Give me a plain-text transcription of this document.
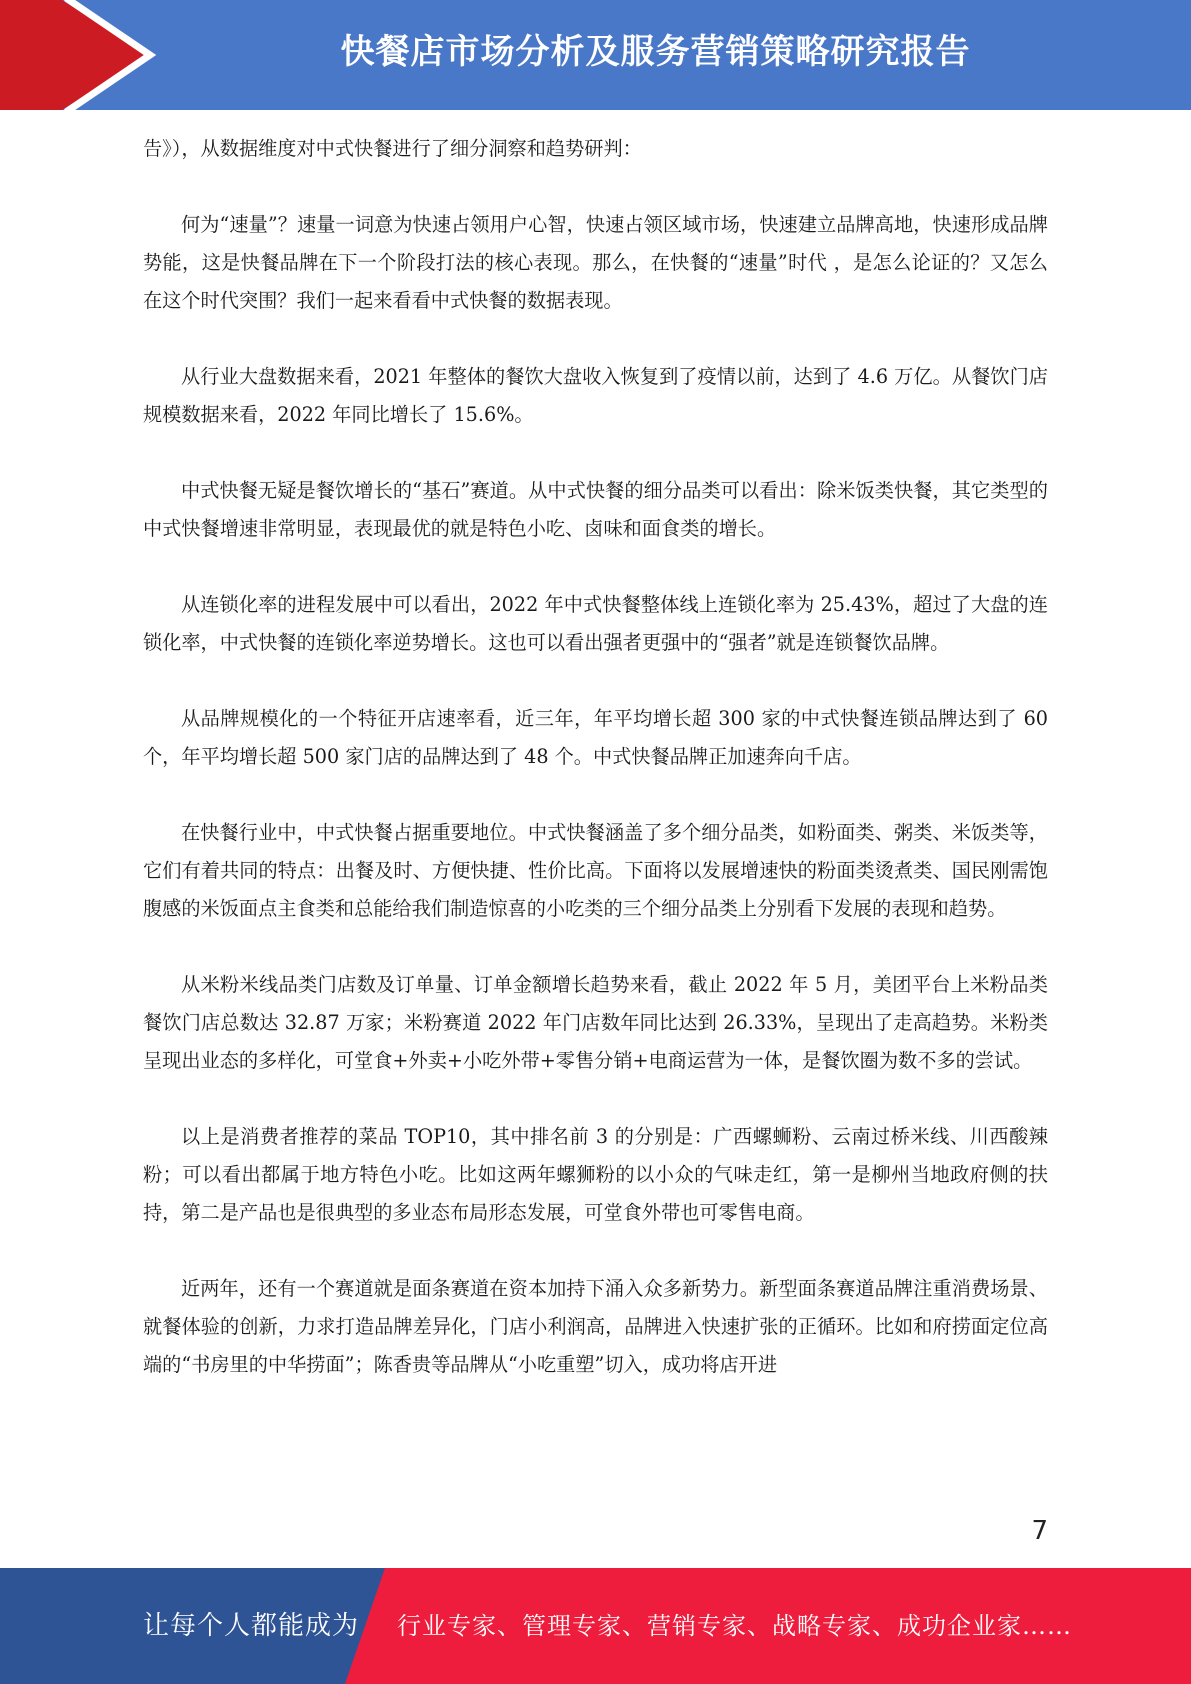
快餐店市场分析及服务营销策略研究报告

告》），从数据维度对中式快餐进行了细分洞察和趋势研判：

何为“速量”？速量一词意为快速占领用户心智，快速占领区域市场，快速建立品牌高地，快速形成品牌势能，这是快餐品牌在下一个阶段打法的核心表现。那么，在快餐的“速量”时代 ，是怎么论证的？又怎么在这个时代突围？我们一起来看看中式快餐的数据表现。

从行业大盘数据来看，2021 年整体的餐饮大盘收入恢复到了疫情以前，达到了 4.6 万亿。从餐饮门店规模数据来看，2022 年同比增长了 15.6%。

中式快餐无疑是餐饮增长的“基石”赛道。从中式快餐的细分品类可以看出：除米饭类快餐，其它类型的中式快餐增速非常明显，表现最优的就是特色小吃、卤味和面食类的增长。

从连锁化率的进程发展中可以看出，2022 年中式快餐整体线上连锁化率为 25.43%，超过了大盘的连锁化率，中式快餐的连锁化率逆势增长。这也可以看出强者更强中的“强者”就是连锁餐饮品牌。

从品牌规模化的一个特征开店速率看，近三年，年平均增长超 300 家的中式快餐连锁品牌达到了 60 个，年平均增长超 500 家门店的品牌达到了 48 个。中式快餐品牌正加速奔向千店。

在快餐行业中，中式快餐占据重要地位。中式快餐涵盖了多个细分品类，如粉面类、粥类、米饭类等，它们有着共同的特点：出餐及时、方便快捷、性价比高。下面将以发展增速快的粉面类烫煮类、国民刚需饱腹感的米饭面点主食类和总能给我们制造惊喜的小吃类的三个细分品类上分别看下发展的表现和趋势。

从米粉米线品类门店数及订单量、订单金额增长趋势来看，截止 2022 年 5 月，美团平台上米粉品类餐饮门店总数达 32.87 万家；米粉赛道 2022 年门店数年同比达到 26.33%，呈现出了走高趋势。米粉类呈现出业态的多样化，可堂食+外卖+小吃外带+零售分销+电商运营为一体，是餐饮圈为数不多的尝试。

以上是消费者推荐的菜品 TOP10，其中排名前 3 的分别是：广西螺蛳粉、云南过桥米线、川西酸辣粉；可以看出都属于地方特色小吃。比如这两年螺狮粉的以小众的气味走红，第一是柳州当地政府侧的扶持，第二是产品也是很典型的多业态布局形态发展，可堂食外带也可零售电商。

近两年，还有一个赛道就是面条赛道在资本加持下涌入众多新势力。新型面条赛道品牌注重消费场景、就餐体验的创新，力求打造品牌差异化，门店小利润高，品牌进入快速扩张的正循环。比如和府捞面定位高端的“书房里的中华捞面”；陈香贵等品牌从“小吃重塑”切入，成功将店开进

7
让每个人都能成为 行业专家、管理专家、营销专家、战略专家、成功企业家……
